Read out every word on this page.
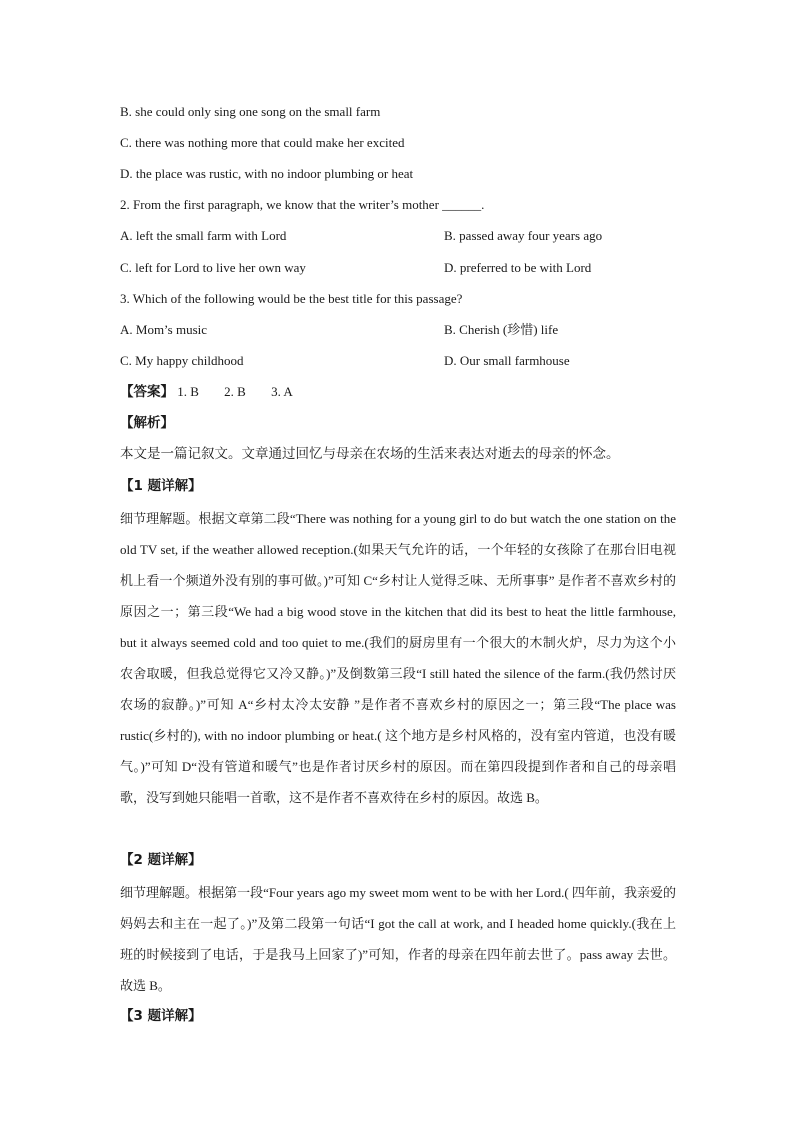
B. she could only sing one song on the small farm
C. there was nothing more that could make her excited
D. the place was rustic, with no indoor plumbing or heat
2. From the first paragraph, we know that the writer’s mother ______.
A. left the small farm with Lord	B. passed away four years ago
C. left for Lord to live her own way	D. preferred to be with Lord
3. Which of the following would be the best title for this passage?
A. Mom’s music	B. Cherish (珍惜) life
C. My happy childhood	D. Our small farmhouse
【答案】 1. B 2. B 3. A
【解析】
本文是一篇记叙文。文章通过回忆与母亲在农场的生活来表达对逝去的母亲的怀念。
【1 题详解】
细节理解题。根据文章第二段“There was nothing for a young girl to do but watch the one station on the old TV set, if the weather allowed reception.(如果天气允许的话，一个年轻的女孩除了在那台旧电视机上看一个频道外没有别的事可做。)”可知 C“乡村让人觉得乏味、无所事事” 是作者不喜欢乡村的原因之一；第三段“We had a big wood stove in the kitchen that did its best to heat the little farmhouse, but it always seemed cold and too quiet to me.(我们的厨房里有一个很大的木制火炉，尽力为这个小农舍取暖，但我总觉得它又冷又静。)”及倒数第三段“I still hated the silence of the farm.(我仍然讨厌农场的寂静。)”可知 A“乡村太冷太安静 ”是作者不喜欢乡村的原因之一；第三段“The place was rustic(乡村的), with no indoor plumbing or heat.( 这个地方是乡村风格的，没有室内管道，也没有暖气。)”可知 D“没有管道和暖气”也是作者讨厌乡村的原因。而在第四段提到作者和自己的母亲唱歌，没写到她只能唱一首歌，这不是作者不喜欢待在乡村的原因。故选 B。
【2 题详解】
细节理解题。根据第一段“Four years ago my sweet mom went to be with her Lord.( 四年前，我亲爱的妈妈去和主在一起了。)”及第二段第一句话“I got the call at work, and I headed home quickly.(我在上班的时候接到了电话，于是我马上回家了)”可知，作者的母亲在四年前去世了。pass away 去世。故选 B。
【3 题详解】
